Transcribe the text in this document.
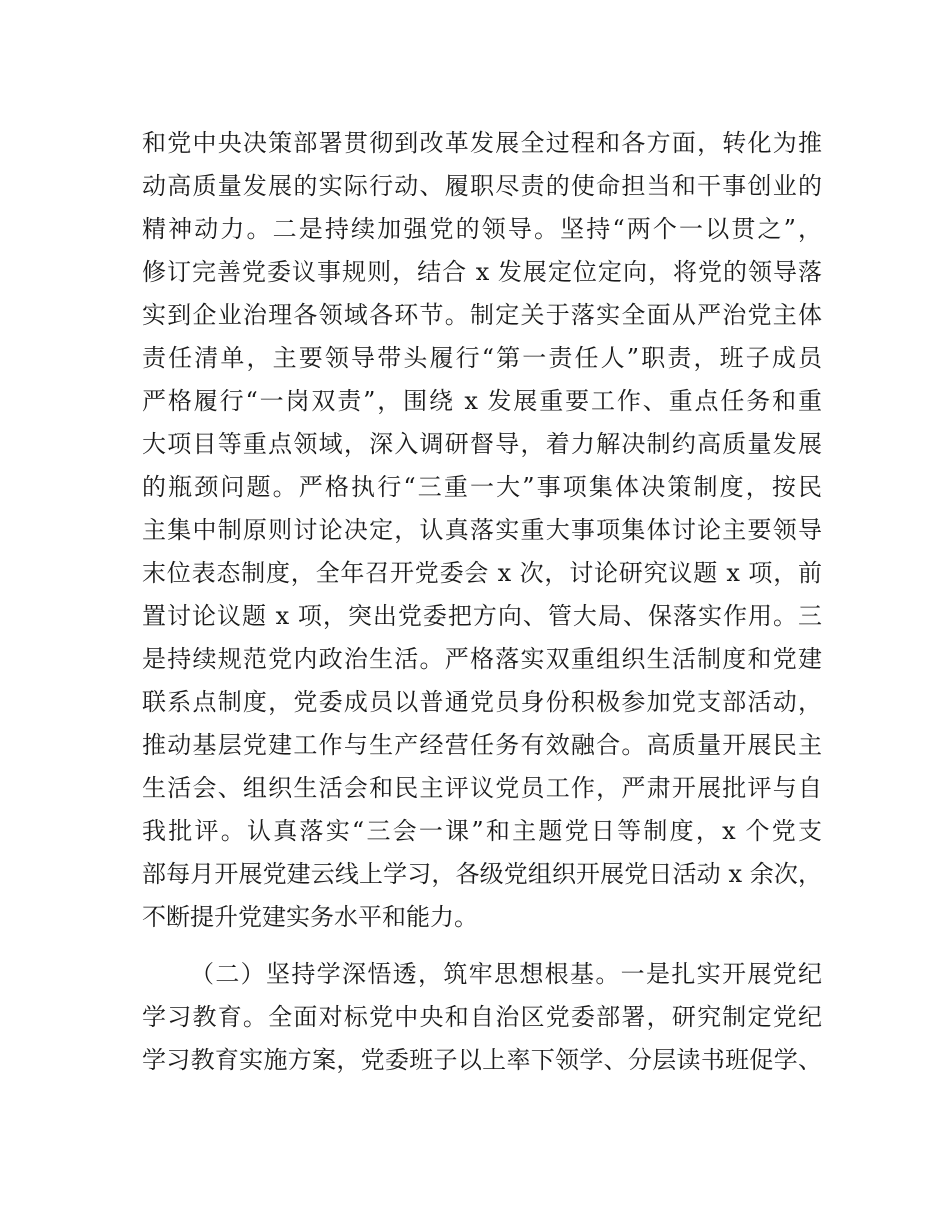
和党中央决策部署贯彻到改革发展全过程和各方面，转化为推
动高质量发展的实际行动、履职尽责的使命担当和干事创业的
精神动力。二是持续加强党的领导。坚持“两个一以贯之”，
修订完善党委议事规则，结合 x 发展定位定向，将党的领导落
实到企业治理各领域各环节。制定关于落实全面从严治党主体
责任清单，主要领导带头履行“第一责任人”职责，班子成员
严格履行“一岗双责”，围绕 x 发展重要工作、重点任务和重
大项目等重点领域，深入调研督导，着力解决制约高质量发展
的瓶颈问题。严格执行“三重一大”事项集体决策制度，按民
主集中制原则讨论决定，认真落实重大事项集体讨论主要领导
末位表态制度，全年召开党委会 x 次，讨论研究议题 x 项，前
置讨论议题 x 项，突出党委把方向、管大局、保落实作用。三
是持续规范党内政治生活。严格落实双重组织生活制度和党建
联系点制度，党委成员以普通党员身份积极参加党支部活动，
推动基层党建工作与生产经营任务有效融合。高质量开展民主
生活会、组织生活会和民主评议党员工作，严肃开展批评与自
我批评。认真落实“三会一课”和主题党日等制度，x 个党支
部每月开展党建云线上学习，各级党组织开展党日活动 x 余次，
不断提升党建实务水平和能力。
（二）坚持学深悟透，筑牢思想根基。一是扎实开展党纪
学习教育。全面对标党中央和自治区党委部署，研究制定党纪
学习教育实施方案，党委班子以上率下领学、分层读书班促学、
